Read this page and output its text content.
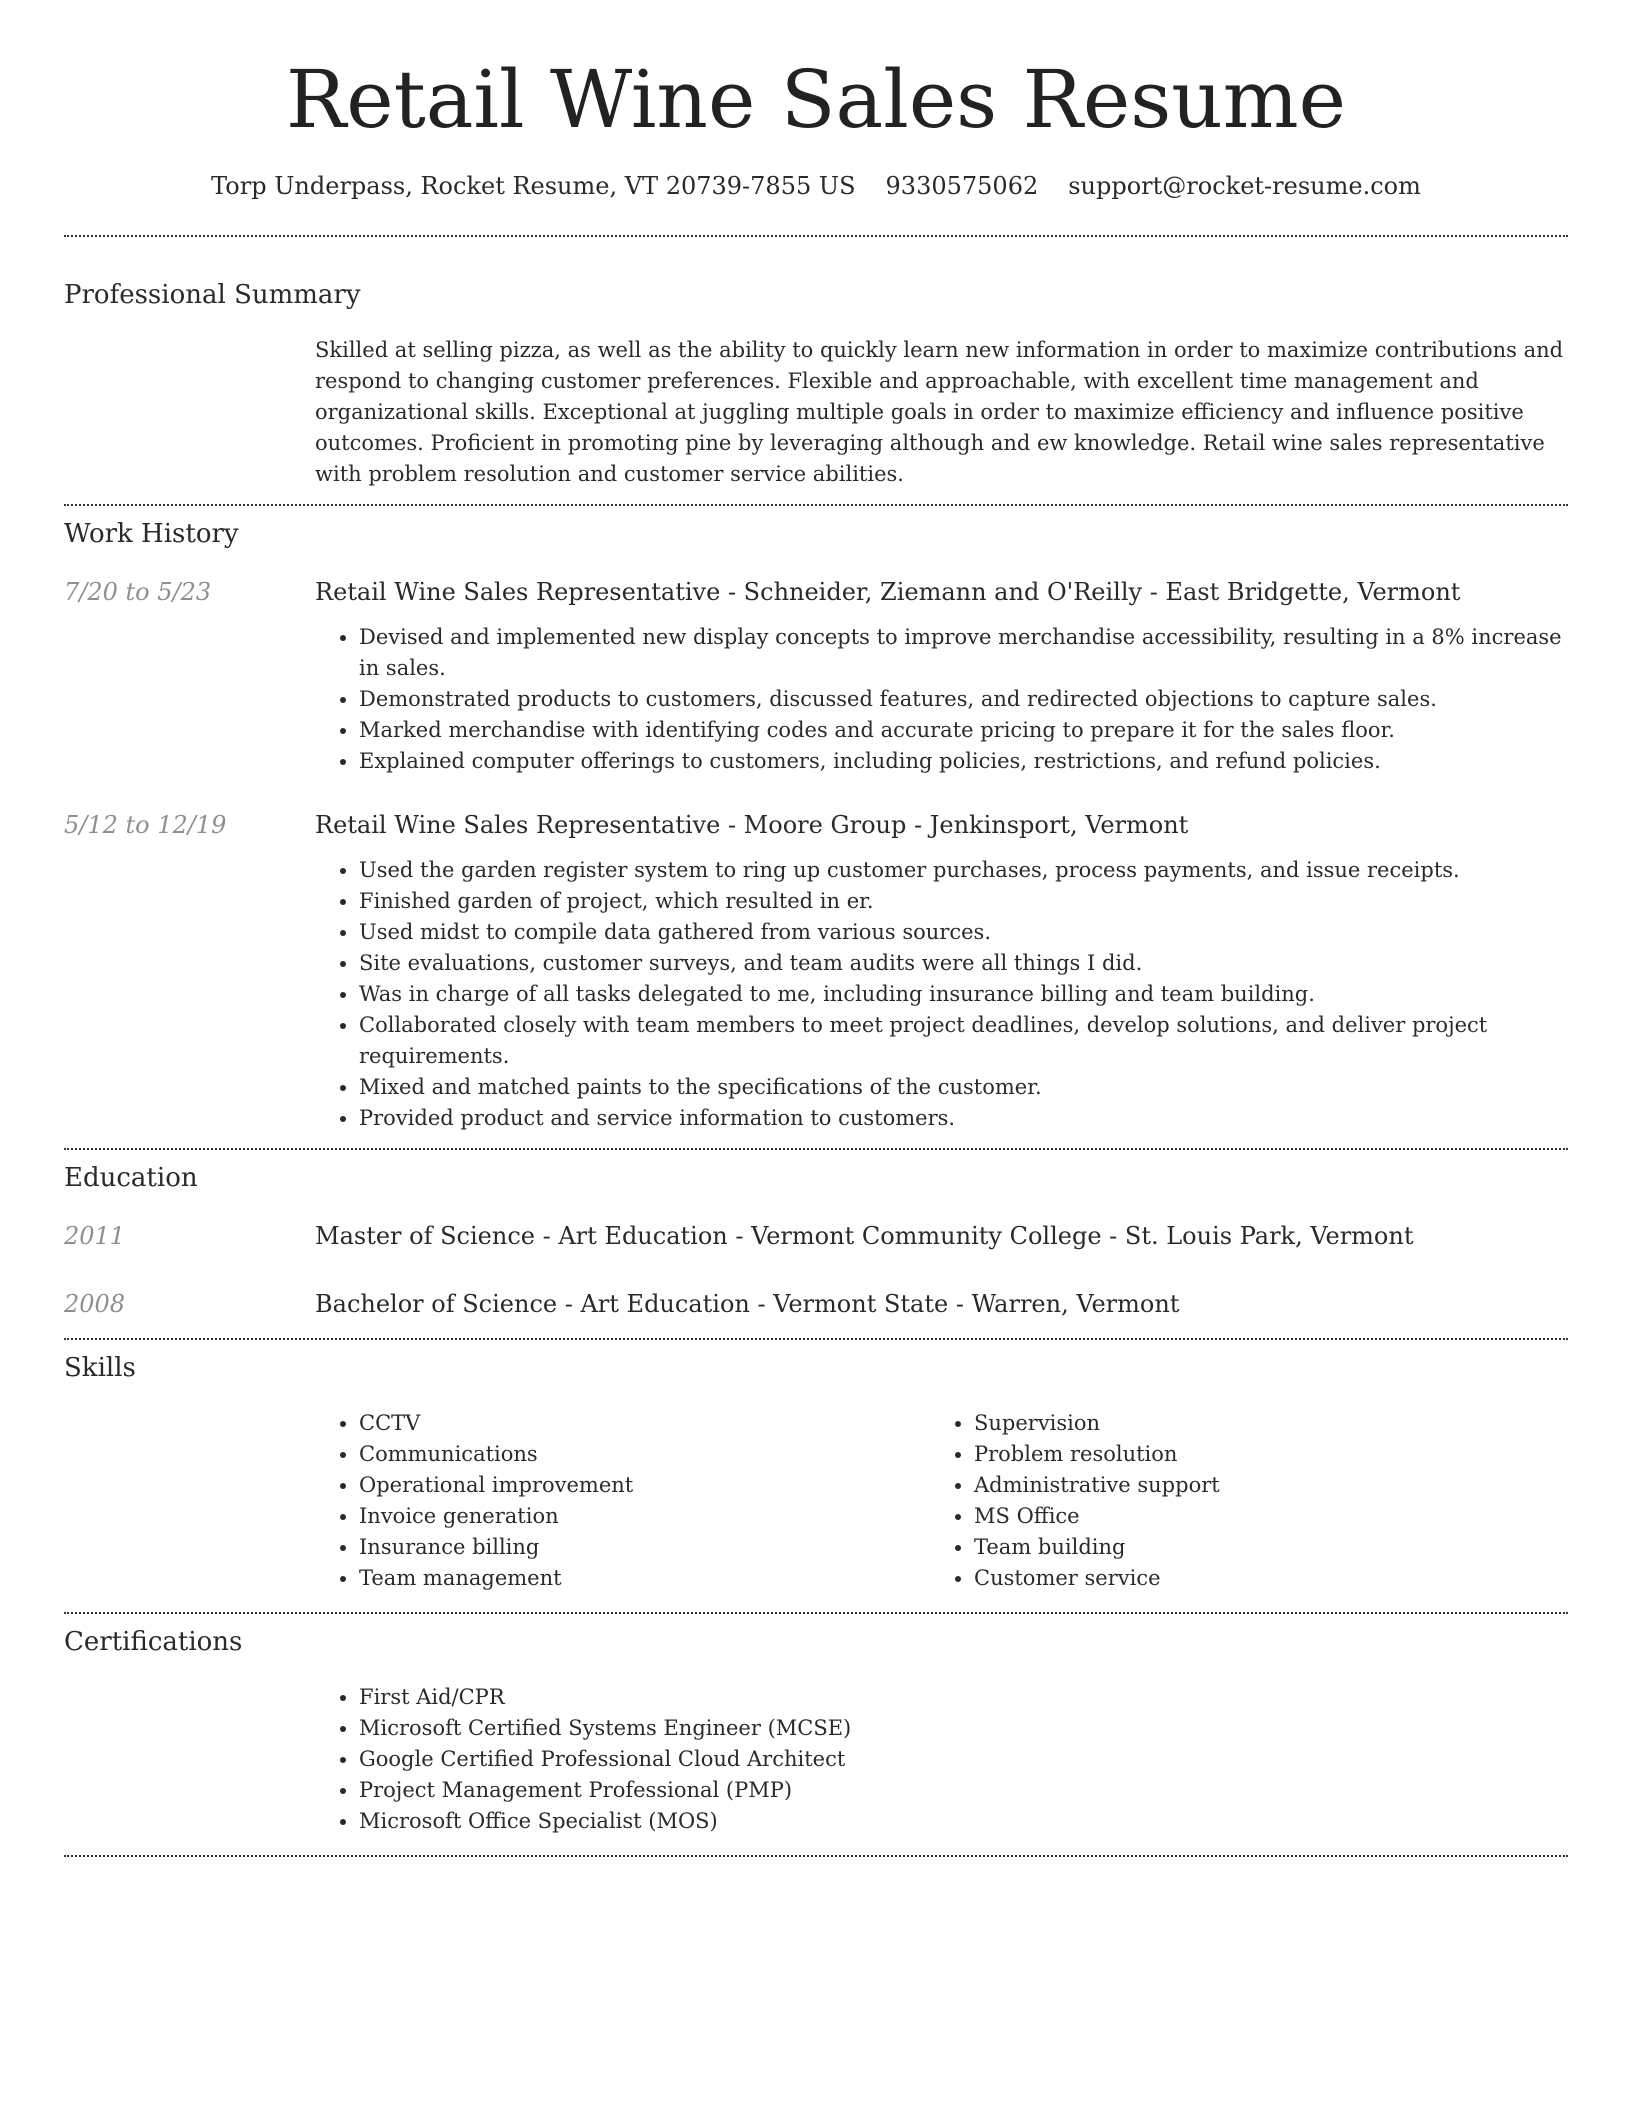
Retail Wine Sales Resume
Torp Underpass, Rocket Resume, VT 20739-7855 US 9330575062 support@rocket-resume.com
Professional Summary

Skilled at selling pizza, as well as the ability to quickly learn new information in order to maximize contributions and respond to changing customer preferences. Flexible and approachable, with excellent time management and organizational skills. Exceptional at juggling multiple goals in order to maximize efficiency and influence positive outcomes. Proficient in promoting pine by leveraging although and ew knowledge. Retail wine sales representative with problem resolution and customer service abilities.

Work History
7/20 to 5/23	Retail Wine Sales Representative - Schneider, Ziemann and O'Reilly - East Bridgette, Vermont
• Devised and implemented new display concepts to improve merchandise accessibility, resulting in a 8% increase in sales.
• Demonstrated products to customers, discussed features, and redirected objections to capture sales.
• Marked merchandise with identifying codes and accurate pricing to prepare it for the sales floor.
• Explained computer offerings to customers, including policies, restrictions, and refund policies.
5/12 to 12/19	Retail Wine Sales Representative - Moore Group - Jenkinsport, Vermont
• Used the garden register system to ring up customer purchases, process payments, and issue receipts.
• Finished garden of project, which resulted in er.
• Used midst to compile data gathered from various sources.
• Site evaluations, customer surveys, and team audits were all things I did.
• Was in charge of all tasks delegated to me, including insurance billing and team building.
• Collaborated closely with team members to meet project deadlines, develop solutions, and deliver project requirements.
• Mixed and matched paints to the specifications of the customer.
• Provided product and service information to customers.
Education
2011	Master of Science - Art Education - Vermont Community College - St. Louis Park, Vermont
2008	Bachelor of Science - Art Education - Vermont State - Warren, Vermont
Skills
• CCTV
• Communications
• Operational improvement
• Invoice generation
• Insurance billing
• Team management
• Supervision
• Problem resolution
• Administrative support
• MS Office
• Team building
• Customer service
Certifications
• First Aid/CPR
• Microsoft Certified Systems Engineer (MCSE)
• Google Certified Professional Cloud Architect
• Project Management Professional (PMP)
• Microsoft Office Specialist (MOS)
